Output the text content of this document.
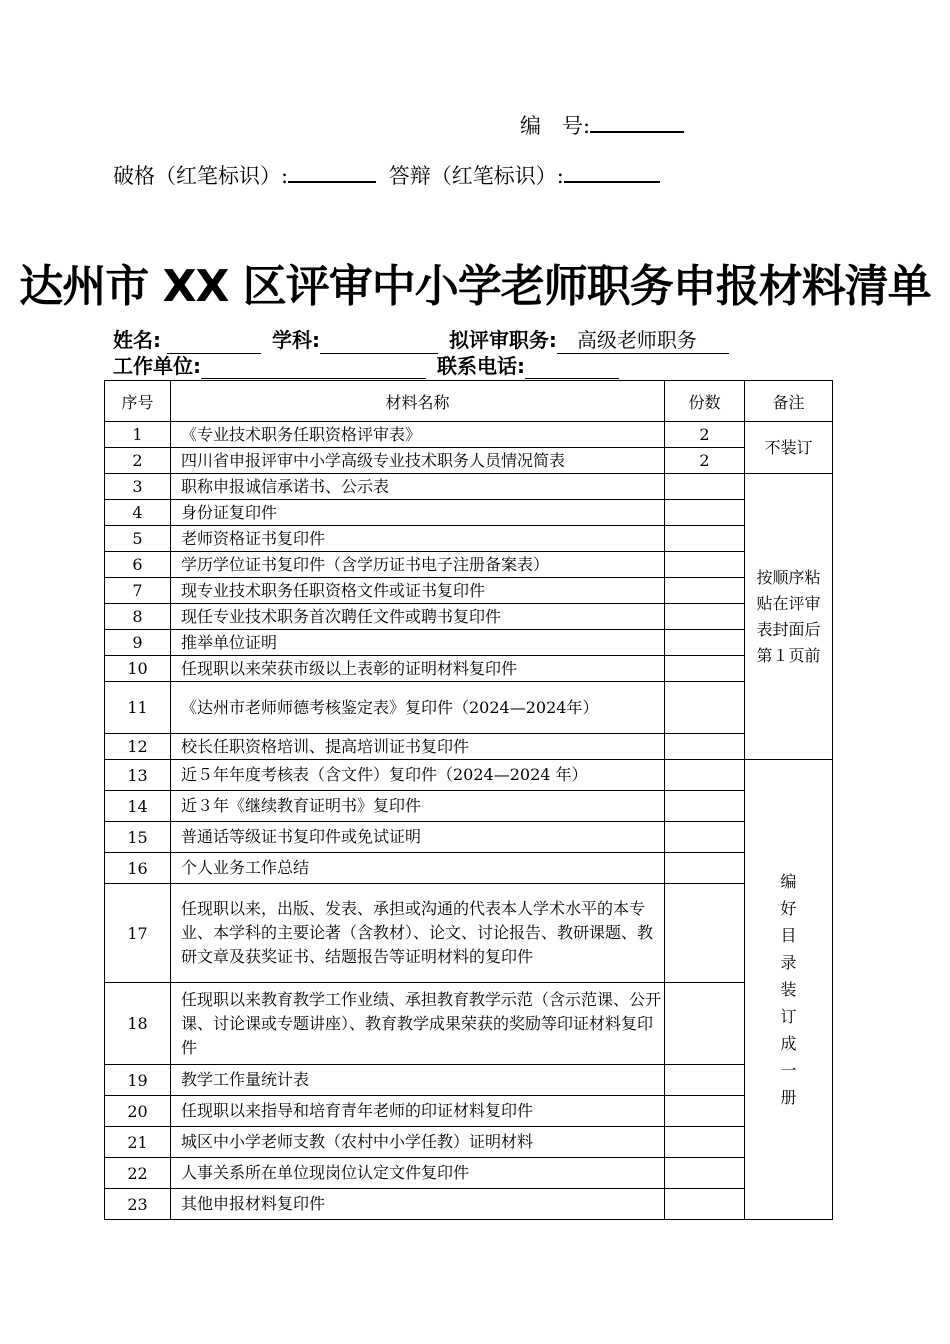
编　号:
破格（红笔标识）:	答辩（红笔标识）:
达州市 XX 区评审中小学老师职务申报材料清单
姓名:	学科:	拟评审职务: 高级老师职务
工作单位:	联系电话:
序号	材料名称	份数	备注
1	《专业技术职务任职资格评审表》	2	不装订
2	四川省申报评审中小学高级专业技术职务人员情况简表	2	
3	职称申报诚信承诺书、公示表		按顺序粘贴在评审表封面后第１页前
4	身份证复印件		
5	老师资格证书复印件		
6	学历学位证书复印件（含学历证书电子注册备案表）		
7	现专业技术职务任职资格文件或证书复印件		
8	现任专业技术职务首次聘任文件或聘书复印件		
9	推举单位证明		
10	任现职以来荣获市级以上表彰的证明材料复印件		
11	《达州市老师师德考核鉴定表》复印件（2024—2024年）		
12	校长任职资格培训、提高培训证书复印件		
13	近５年年度考核表（含文件）复印件（2024—2024 年）		编好目录装订成一册
14	近３年《继续教育证明书》复印件		
15	普通话等级证书复印件或免试证明		
16	个人业务工作总结		
17	任现职以来，出版、发表、承担或沟通的代表本人学术水平的本专业、本学科的主要论著（含教材）、论文、讨论报告、教研课题、教研文章及获奖证书、结题报告等证明材料的复印件		
18	任现职以来教育教学工作业绩、承担教育教学示范（含示范课、公开课、讨论课或专题讲座）、教育教学成果荣获的奖励等印证材料复印件		
19	教学工作量统计表		
20	任现职以来指导和培育青年老师的印证材料复印件		
21	城区中小学老师支教（农村中小学任教）证明材料		
22	人事关系所在单位现岗位认定文件复印件		
23	其他申报材料复印件		
